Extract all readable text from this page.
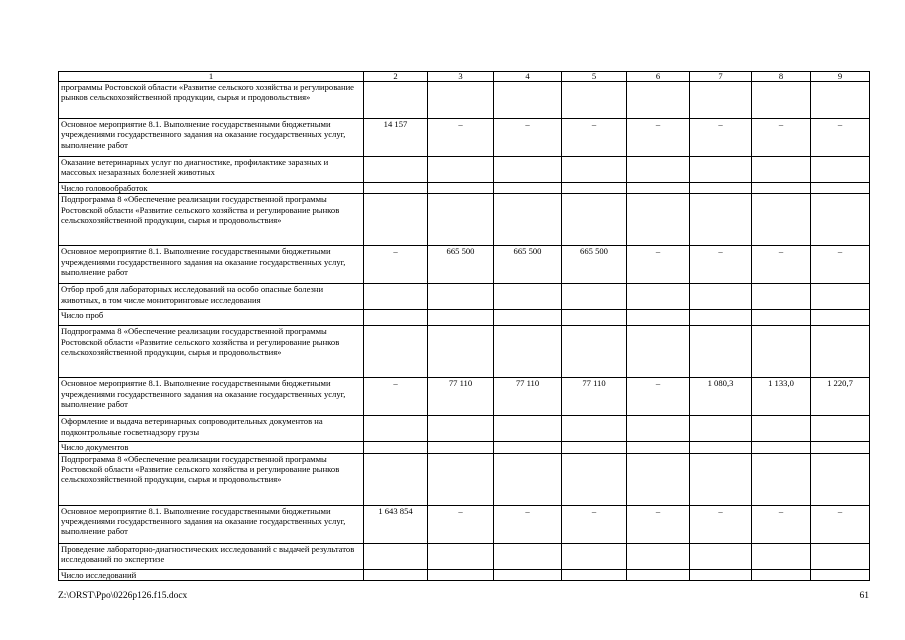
1	2	3	4	5	6	7	8	9
программы Ростовской области «Развитие сельского хозяйства и регулирование рынков сельскохозяйственной продукции, сырья и продовольствия»								
Основное мероприятие 8.1. Выполнение государственными бюджетными учреждениями государственного задания на оказание государственных услуг, выполнение работ	14 157	–	–	–	–	–	–	–
Оказание ветеринарных услуг по диагностике, профилактике заразных и массовых незаразных болезней животных								
Число головообработок								
Подпрограмма 8 «Обеспечение реализации государственной программы Ростовской области «Развитие сельского хозяйства и регулирование рынков сельскохозяйственной продукции, сырья и продовольствия»								
Основное мероприятие 8.1. Выполнение государственными бюджетными учреждениями государственного задания на оказание государственных услуг, выполнение работ	–	665 500	665 500	665 500	–	–	–	–
Отбор проб для лабораторных исследований на особо опасные болезни животных, в том числе мониторинговые исследования								
Число проб								
Подпрограмма 8 «Обеспечение реализации государственной программы Ростовской области «Развитие сельского хозяйства и регулирование рынков сельскохозяйственной продукции, сырья и продовольствия»								
Основное мероприятие 8.1. Выполнение государственными бюджетными учреждениями государственного задания на оказание государственных услуг, выполнение работ	–	77 110	77 110	77 110	–	1 080,3	1 133,0	1 220,7
Оформление и выдача ветеринарных сопроводительных документов на подконтрольные госветнадзору грузы								
Число документов								
Подпрограмма 8 «Обеспечение реализации государственной программы Ростовской области «Развитие сельского хозяйства и регулирование рынков сельскохозяйственной продукции, сырья и продовольствия»								
Основное мероприятие 8.1. Выполнение государственными бюджетными учреждениями государственного задания на оказание государственных услуг, выполнение работ	1 643 854	–	–	–	–	–	–	–
Проведение лабораторно-диагностических исследований с выдачей результатов исследований по экспертизе								
Число исследований								
Z:\ORST\Ppo\0226p126.f15.docx	61
